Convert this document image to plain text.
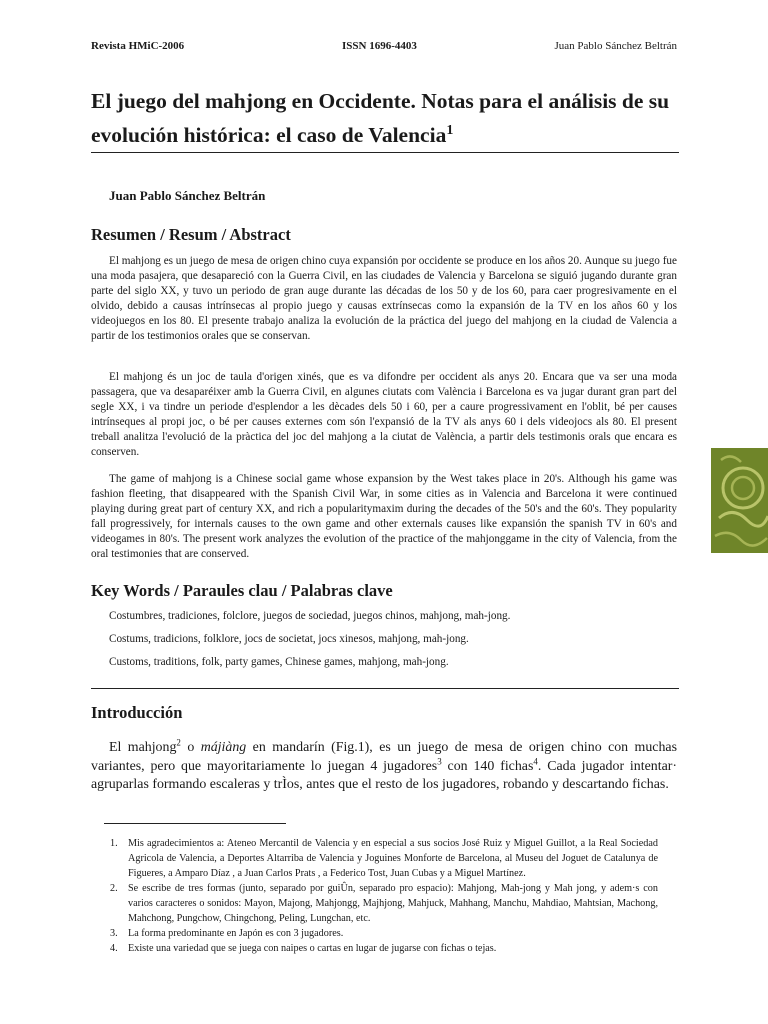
Revista HMiC-2006	ISSN 1696-4403	Juan Pablo Sánchez Beltrán
El juego del mahjong en Occidente. Notas para el análisis de su evolución histórica: el caso de Valencia$^1$

Juan Pablo Sánchez Beltrán

Resumen / Resum / Abstract

El mahjong es un juego de mesa de origen chino cuya expansión por occidente se produce en los años 20. Aunque su juego fue una moda pasajera, que desapareció con la Guerra Civil, en las ciudades de Valencia y Barcelona se siguió jugando durante gran parte del siglo XX, y tuvo un periodo de gran auge durante las décadas de los 50 y de los 60, para caer progresivamente en el olvido, debido a causas intrínsecas al propio juego y causas extrínsecas como la expansión de la TV en los años 60 y los videojuegos en los 80. El presente trabajo analiza la evolución de la práctica del juego del mahjong en la ciudad de Valencia a partir de los testimonios orales que se conservan.

El mahjong és un joc de taula d'origen xinés, que es va difondre per occident als anys 20. Encara que va ser una moda passagera, que va desaparéixer amb la Guerra Civil, en algunes ciutats com València i Barcelona es va jugar durant gran part del segle XX, i va tindre un periode d'esplendor a les dècades dels 50 i 60, per a caure progressivament en l'oblit, bé per causes intrínseques al propi joc, o bé per causes externes com són l'expansió de la TV als anys 60 i dels videojocs als 80. El present treball analitza l'evolució de la pràctica del joc del mahjong a la ciutat de València, a partir dels testimonis orals que encara es conserven.

The game of mahjong is a Chinese social game whose expansion by the West takes place in 20's. Although his game was fashion fleeting, that disappeared with the Spanish Civil War, in some cities as in Valencia and Barcelona it were continued playing during great part of century XX, and rich a popularitymaxim during the decades of the 50's and the 60's. They popularity fall progressively, for internals causes to the own game and other externals causes like expansión the spanish TV in 60's and videogames in 80's. The present work analyzes the evolution of the practice of the mahjonggame in the city of Valencia, from the oral testimonies that are conserved.

Key Words / Paraules clau / Palabras clave

Costumbres, tradiciones, folclore, juegos de sociedad, juegos chinos, mahjong, mah-jong.

Costums, tradicions, folklore, jocs de societat, jocs xinesos, mahjong, mah-jong.

Customs, traditions, folk, party games, Chinese games, mahjong, mah-jong.

Introducción

El mahjong$^2$ o májiàng en mandarín (Fig.1), es un juego de mesa de origen chino con muchas variantes, pero que mayoritariamente lo juegan 4 jugadores$^3$ con 140 fichas$^4$. Cada jugador intentar· agruparlas formando escaleras y trÌos, antes que el resto de los jugadores, robando y descartando fichas.

1. Mis agradecimientos a: Ateneo Mercantil de Valencia y en especial a sus socios José Ruiz y Miguel Guillot, a la Real Sociedad Agricola de Valencia, a Deportes Altarriba de Valencia y Joguines Monforte de Barcelona, al Museu del Joguet de Catalunya de Figueres, a Amparo Díaz , a Juan Carlos Prats , a Federico Tost, Juan Cubas y a Miguel Martínez.
2. Se escribe de tres formas (junto, separado por guiÛn, separado pro espacio): Mahjong, Mah-jong y Mah jong, y adem·s con varios caracteres o sonidos: Mayon, Majong, Mahjongg, Majhjong, Mahjuck, Mahhang, Manchu, Mahdiao, Mahtsian, Machong, Mahchong, Pungchow, Chingchong, Peling, Lungchan, etc.
3. La forma predominante en Japón es con 3 jugadores.
4. Existe una variedad que se juega con naipes o cartas en lugar de jugarse con fichas o tejas.
